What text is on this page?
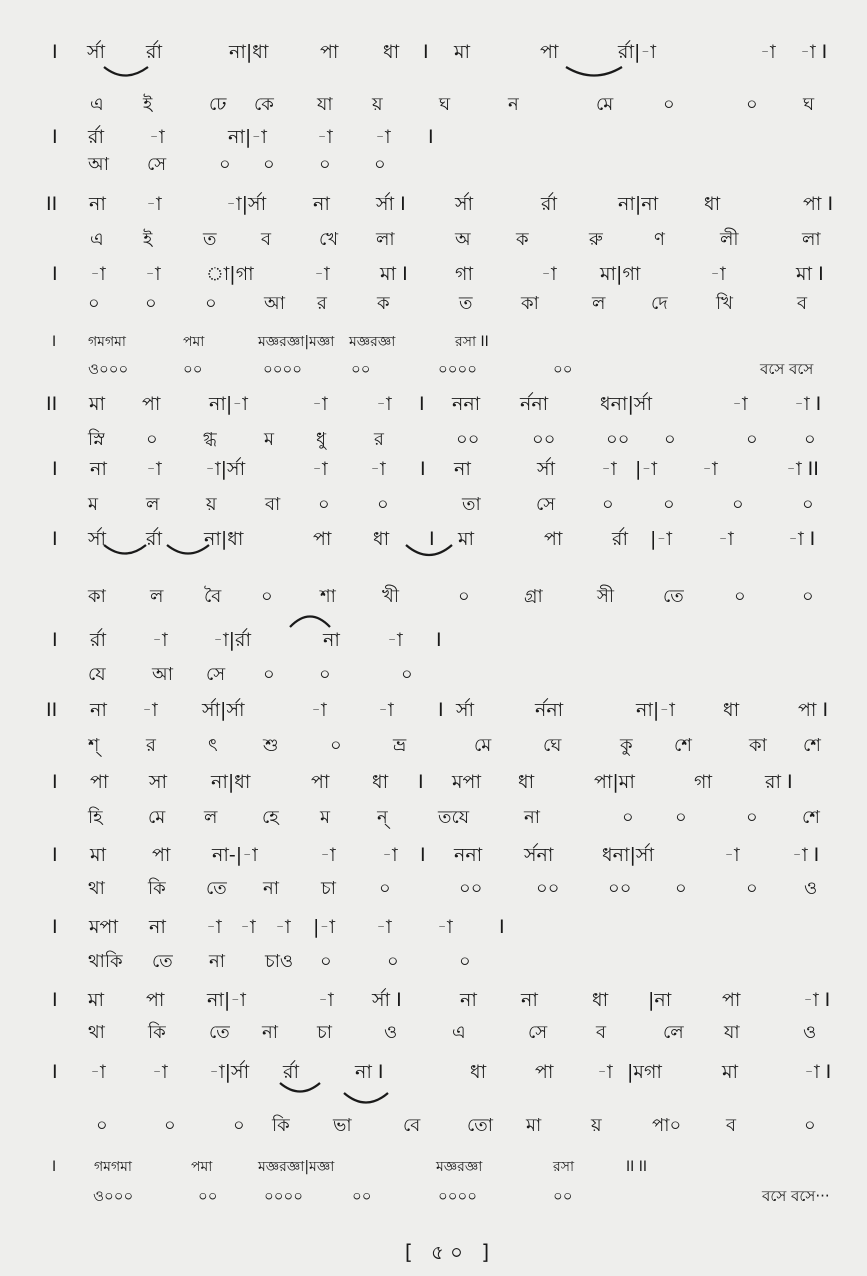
[ ৫০ ]
I র্সা র্রা	না|ধা	পা ধা I মা	পা	র্রা|-া	-া -া I
এ ই	ঢে কে যা য়	ঘ	ন	মে	০	০	ঘ
I র্রা -া	না|-া	-া -া I
আ সে	০ ০ ০ ০
II না -া	-া|র্সা না র্সা I	র্সা	র্রা	না|না ধা	পা I
এ ই	ত ব	খে লা	অ	ক	রু	ণ	লী	লা
I -া -া া|গা	-া	মা I গা	-া মা|গা	-া	মা I
০	০	০	আ র	ক	ত	কা	ল	দে	খি	ব
I গমগমা	পমা	মজ্ঞরজ্ঞা|মজ্ঞা মজ্ঞরজ্ঞা	রসা II
ও০০০	০০	০০০০	০০	০০০০	০০	বসে বসে
II মা পা	না|-া	-া	-া I ননা র্ননা	ধনা|র্সা	-া -া I
স্নি ০	গ্ধ	ম ধু	র	০০	০০	০০ ০	০	০
I না -া -া|র্সা	-া -া I না	র্সা -া |-া -া	-া II
ম	ল	য়	বা ০	০	তা	সে	০	০	০	০
I র্সা র্রা না|ধা	পা ধা I মা	পা	র্রা |-া -া	-া I
কা ল বৈ ০	শা	খী	০	গ্রা	সী	তে	০	০
I র্রা -া -া|র্রা	না -া I
যে	আ সে ০ ০	০
II না -া র্সা|র্সা	-া	-া I র্সা	র্ননা	না|-া	ধা	পা I
শ্	র	ৎ	শু	০	ভ্র	মে	ঘে	কু শে	কা শে
I পা সা না|ধা	পা ধা I মপা ধা	পা|মা	গা	রা I
হি	মে ল হে ম	ন্	তযে	না	০ ০	০ শে
I মা পা না-|-া	-া -া I ননা র্সনা	ধনা|র্সা	-া	-া I
থা কি তে না চা ০	০০	০০	০০ ০	০	ও
I মপা না -া -া -া |-া -া -া I
থাকি তে না চাও ০	০	০
I মা পা না|-া	-া র্সা I	না না	ধা |না	পা	-া I
থা কি তে না চা	ও	এ	সে	ব	লে যা	ও
I -া -া -া|র্সা র্রা	না I	ধা	পা -া |মগা	মা	-া I
০	০	০ কি ভা	বে	তো মা	য়	পা০ ব	০
I	গমগমা	পমা	মজ্ঞরজ্ঞা|মজ্ঞা	মজ্ঞরজ্ঞা	রসা	II II
ও০০০	০০	০০০০	০০	০০০০	০০	বসে বসে···
